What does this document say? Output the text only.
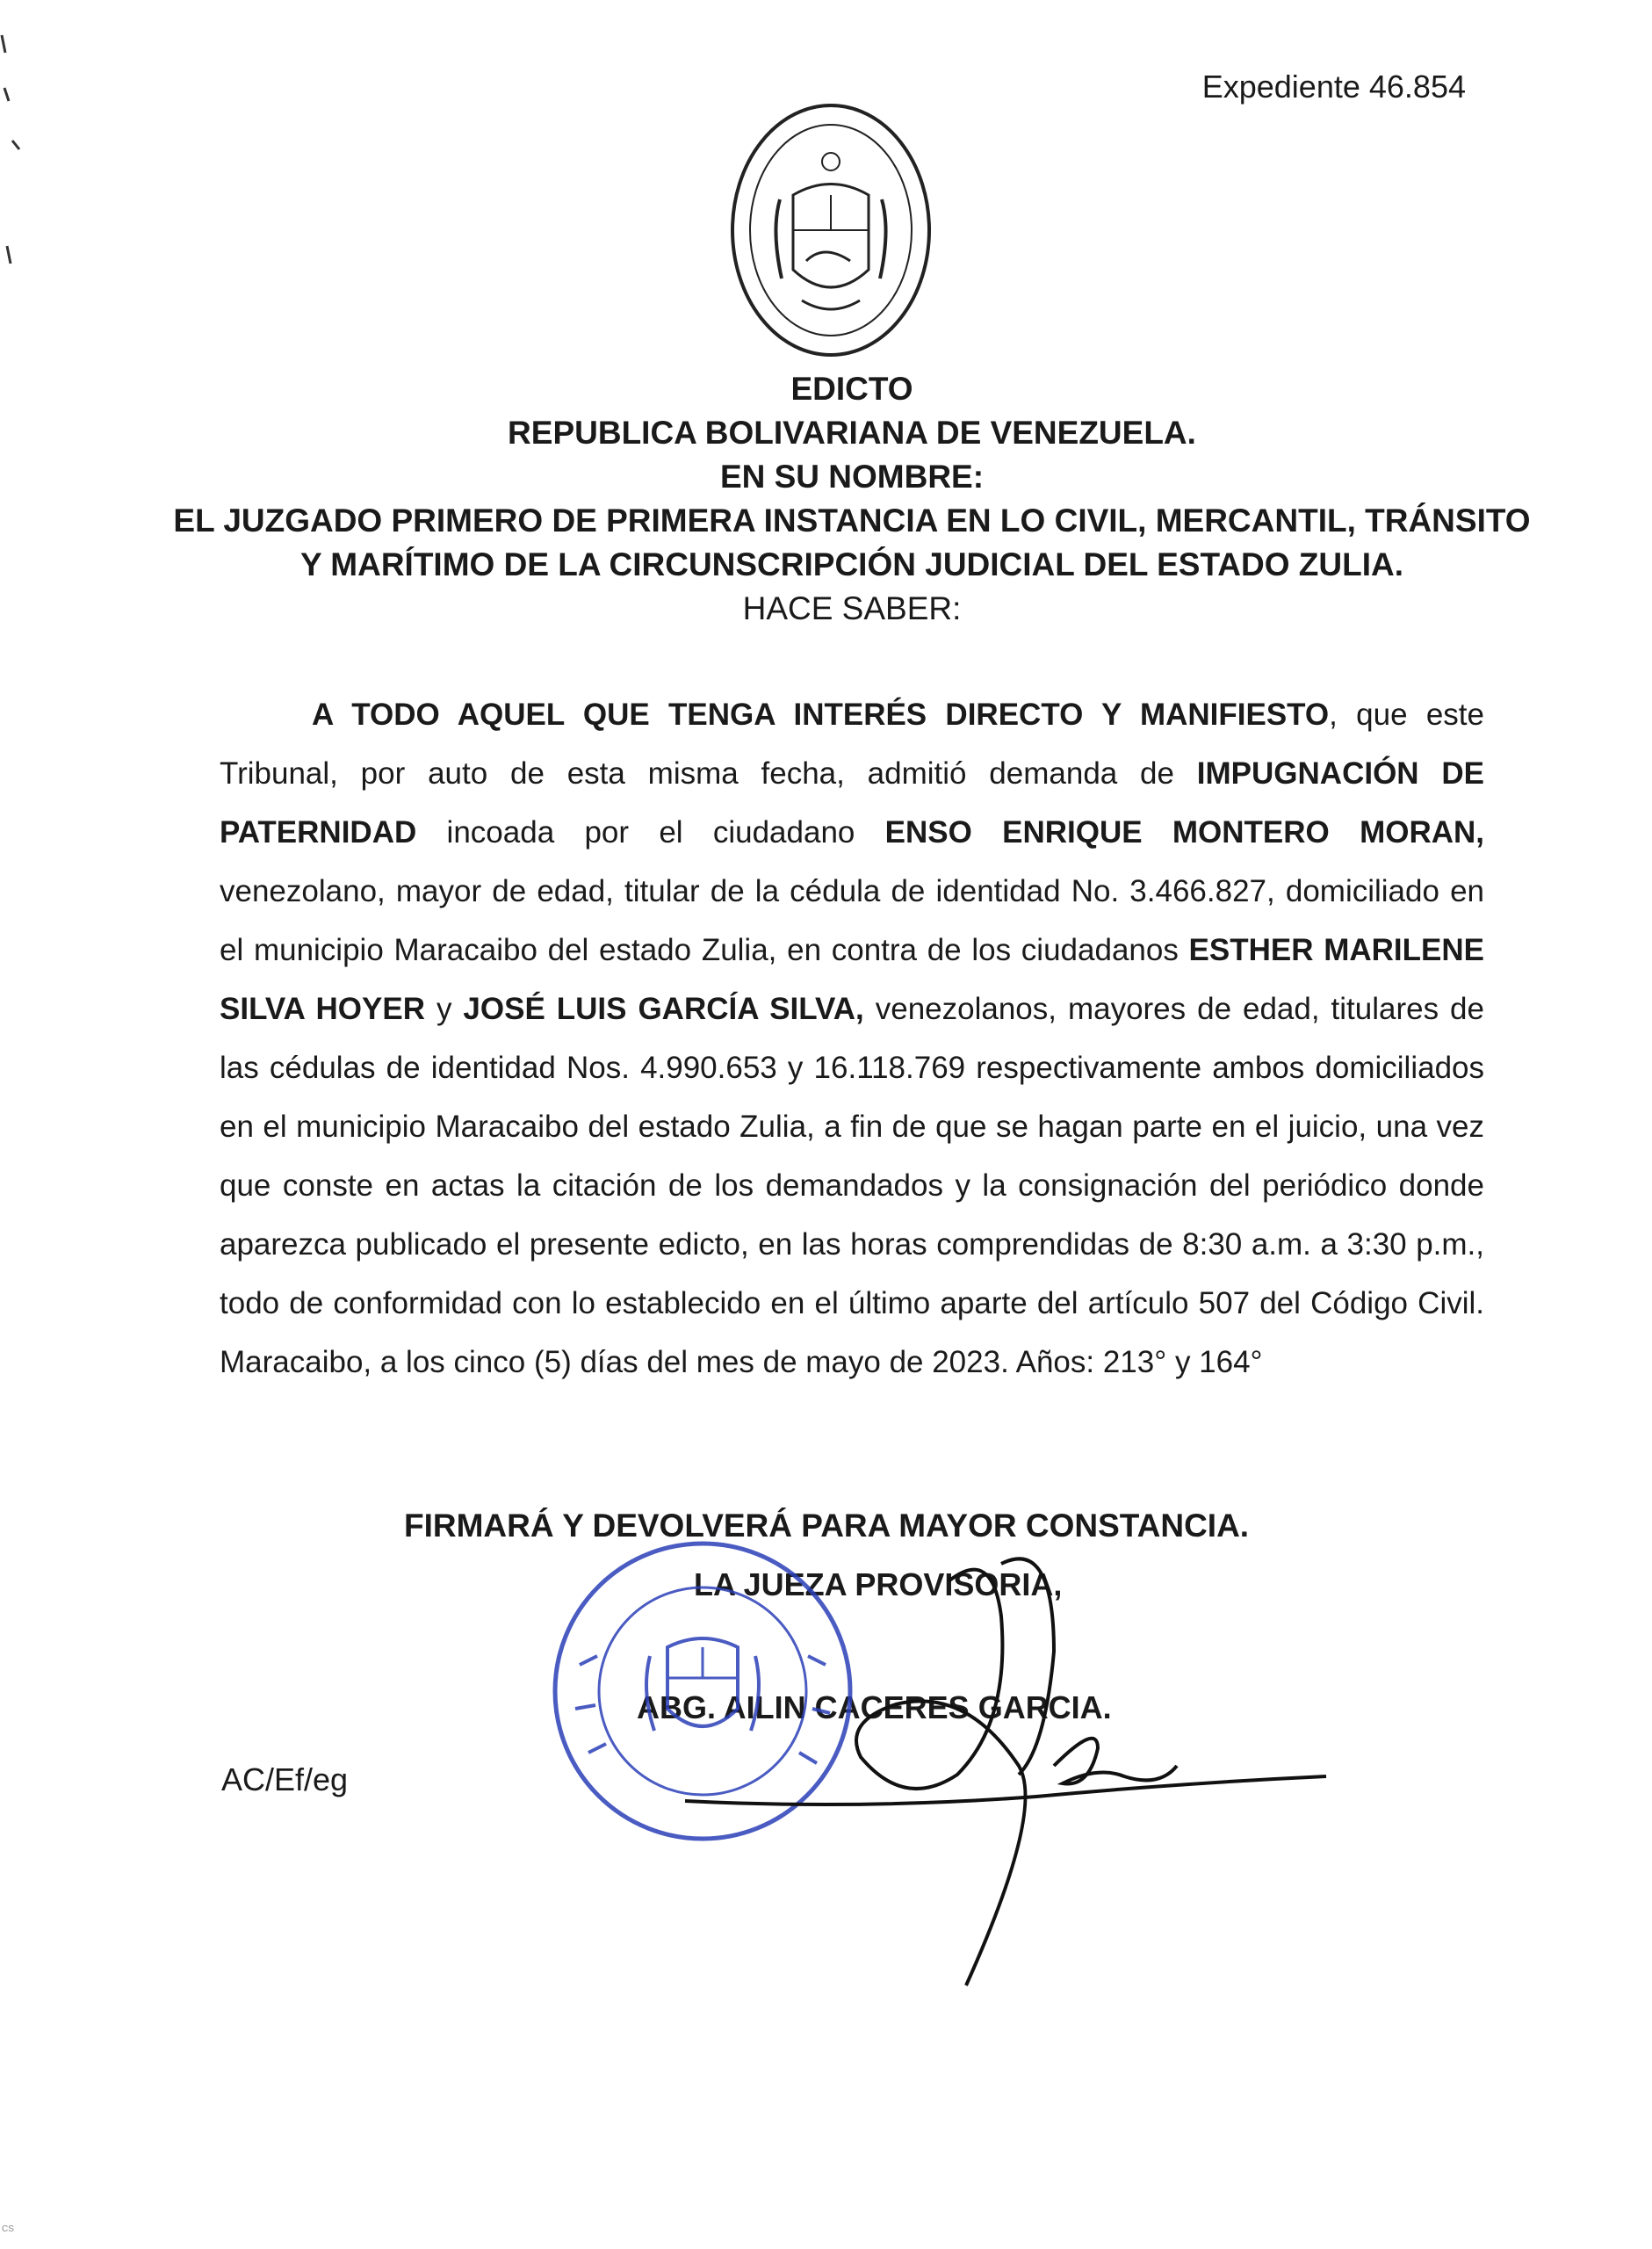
Expediente 46.854
EDICTO
REPUBLICA BOLIVARIANA DE VENEZUELA.
EN SU NOMBRE:
EL JUZGADO PRIMERO DE PRIMERA INSTANCIA EN LO CIVIL, MERCANTIL, TRÁNSITO
Y MARÍTIMO DE LA CIRCUNSCRIPCIÓN JUDICIAL DEL ESTADO ZULIA.
HACE SABER:

A TODO AQUEL QUE TENGA INTERÉS DIRECTO Y MANIFIESTO, que este Tribunal, por auto de esta misma fecha, admitió demanda de IMPUGNACIÓN DE PATERNIDAD incoada por el ciudadano ENSO ENRIQUE MONTERO MORAN, venezolano, mayor de edad, titular de la cédula de identidad No. 3.466.827, domiciliado en el municipio Maracaibo del estado Zulia, en contra de los ciudadanos ESTHER MARILENE SILVA HOYER y JOSÉ LUIS GARCÍA SILVA, venezolanos, mayores de edad, titulares de las cédulas de identidad Nos. 4.990.653 y 16.118.769 respectivamente ambos domiciliados en el municipio Maracaibo del estado Zulia, a fin de que se hagan parte en el juicio, una vez que conste en actas la citación de los demandados y la consignación del periódico donde aparezca publicado el presente edicto, en las horas comprendidas de 8:30 a.m. a 3:30 p.m., todo de conformidad con lo establecido en el último aparte del artículo 507 del Código Civil. Maracaibo, a los cinco (5) días del mes de mayo de 2023. Años: 213° y 164°

FIRMARÁ Y DEVOLVERÁ PARA MAYOR CONSTANCIA.
LA JUEZA PROVISORIA,
ABG. AILIN CACERES GARCIA.
AC/Ef/eg
CS
